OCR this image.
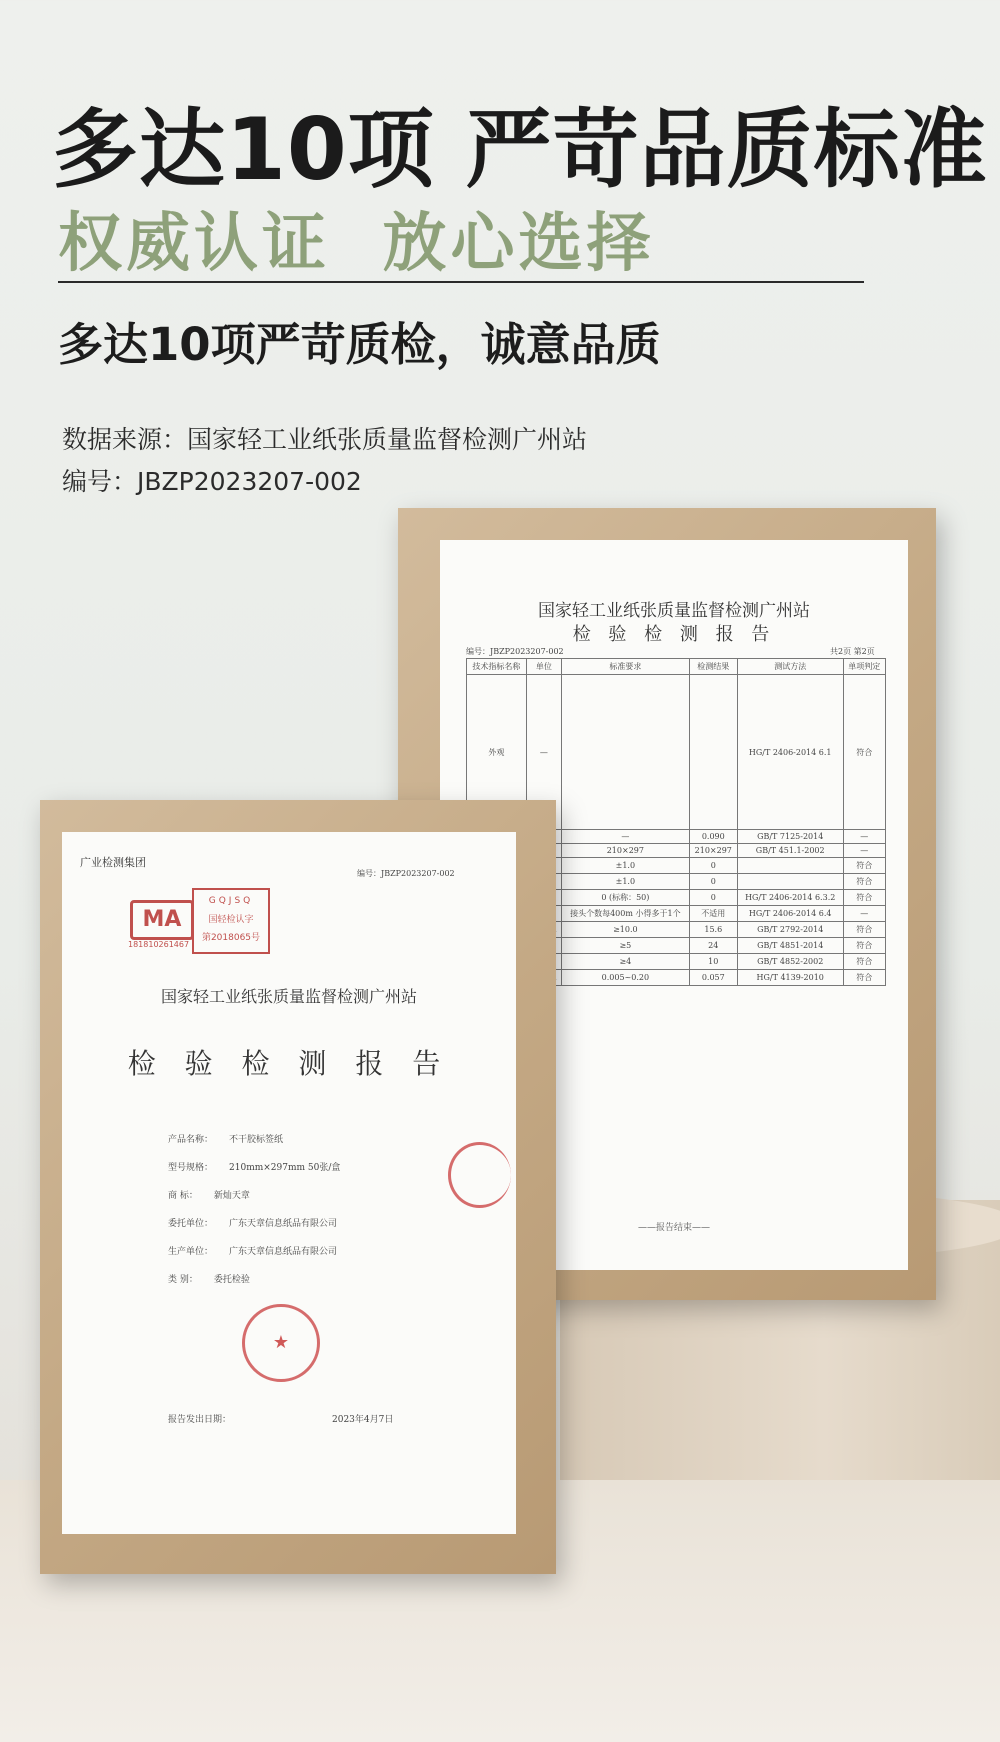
多达10项 严苛品质标准
权威认证  放心选择
多达10项严苛质检，诚意品质
数据来源：国家轻工业纸张质量监督检测广州站
编号：JBZP2023207-002
国家轻工业纸张质量监督检测广州站
检 验 检 测 报 告
编号：JBZP2023207-002	共2页 第2页
技术指标名称	单位	标准要求	检测结果	测试方法	单项判定
外观	—			HG/T 2406-2014 6.1	符合
		—	0.090	GB/T 7125-2014	—
		210×297	210×297	GB/T 451.1-2002	—
		±1.0	0		符合
		±1.0	0		符合
		0 (标称：50)	0	HG/T 2406-2014 6.3.2	符合
		接头个数每400m 小得多于1个	不适用	HG/T 2406-2014 6.4	—
		≥10.0	15.6	GB/T 2792-2014	符合
		≥5	24	GB/T 4851-2014	符合
		≥4	10	GB/T 4852-2002	符合
		0.005~0.20	0.057	HG/T 4139-2010	符合
——报告结束——
广业检测集团
编号：JBZP2023207-002
MA
181810261467
GQJSQ
国轻检认字
第2018065号
国家轻工业纸张质量监督检测广州站
检 验 检 测 报 告
产品名称： 不干胶标签纸
型号规格： 210mm×297mm 50张/盒
商 标： 新灿天章
委托单位： 广东天章信息纸品有限公司
生产单位： 广东天章信息纸品有限公司
类 别： 委托检验
★
报告发出日期：	2023年4月7日
